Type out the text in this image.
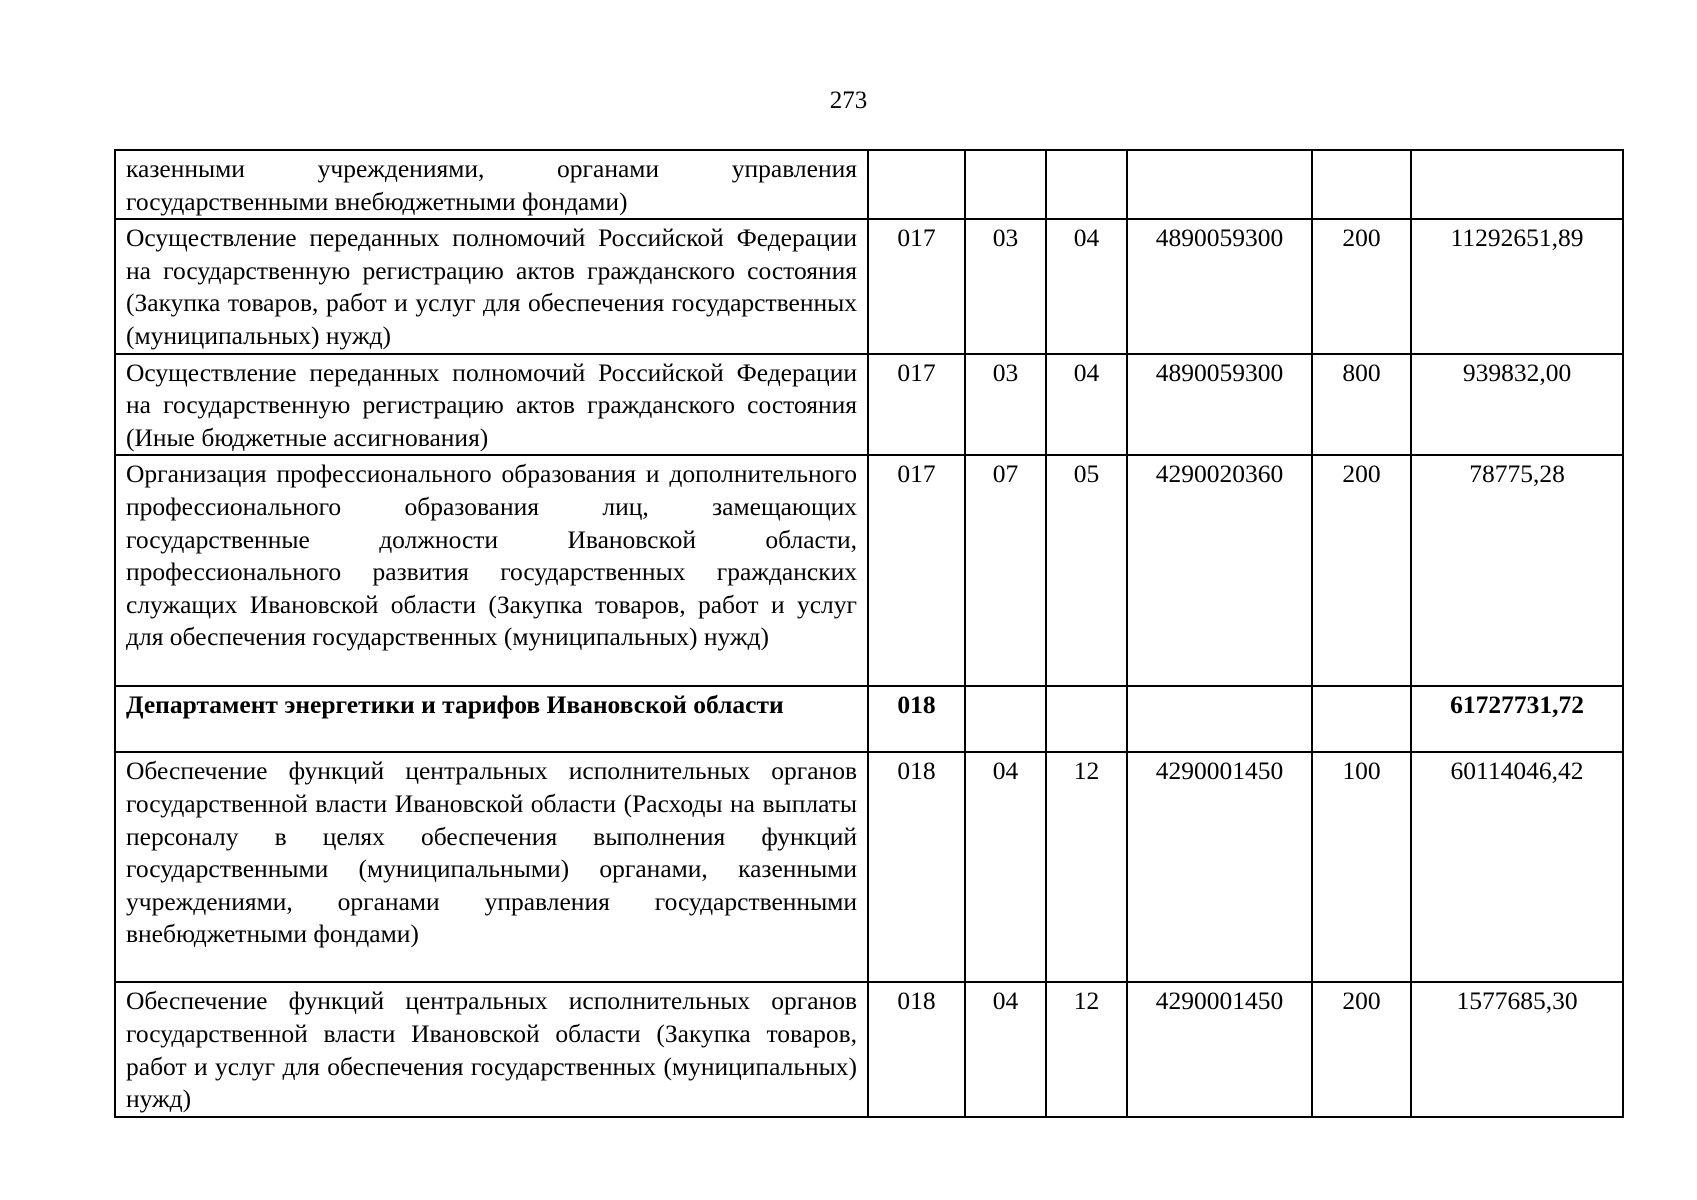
273
казенными учреждениями, органами управления государственными внебюджетными фондами)						
Осуществление переданных полномочий Российской Федерации на государственную регистрацию актов гражданского состояния (Закупка товаров, работ и услуг для обеспечения государственных (муниципальных) нужд)	017	03	04	4890059300	200	11292651,89
Осуществление переданных полномочий Российской Федерации на государственную регистрацию актов гражданского состояния (Иные бюджетные ассигнования)	017	03	04	4890059300	800	939832,00
Организация профессионального образования и дополнительного профессионального образования лиц, замещающих государственные должности Ивановской области, профессионального развития государственных гражданских служащих Ивановской области (Закупка товаров, работ и услуг для обеспечения государственных (муниципальных) нужд)	017	07	05	4290020360	200	78775,28
Департамент энергетики и тарифов Ивановской области	018					61727731,72
Обеспечение функций центральных исполнительных органов государственной власти Ивановской области (Расходы на выплаты персоналу в целях обеспечения выполнения функций государственными (муниципальными) органами, казенными учреждениями, органами управления государственными внебюджетными фондами)	018	04	12	4290001450	100	60114046,42
Обеспечение функций центральных исполнительных органов государственной власти Ивановской области (Закупка товаров, работ и услуг для обеспечения государственных (муниципальных) нужд)	018	04	12	4290001450	200	1577685,30
